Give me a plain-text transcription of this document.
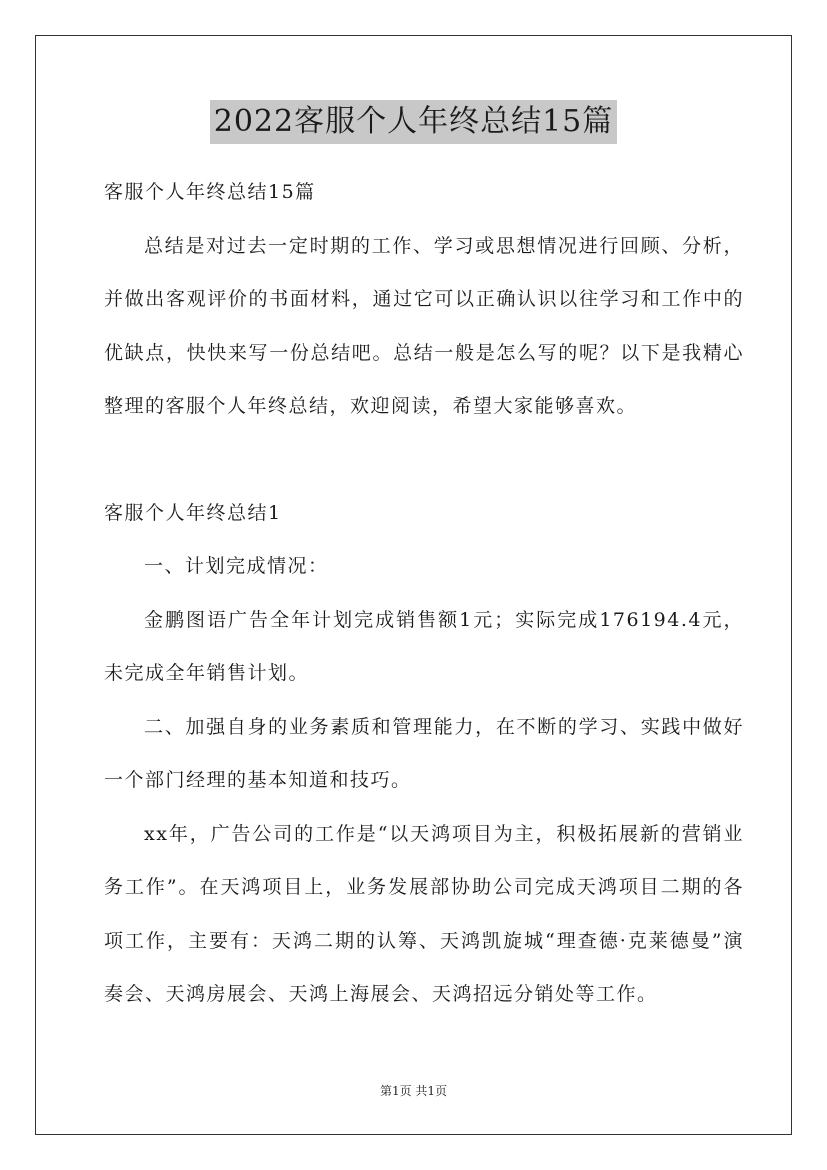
2022客服个人年终总结15篇

客服个人年终总结15篇

总结是对过去一定时期的工作、学习或思想情况进行回顾、分析，并做出客观评价的书面材料，通过它可以正确认识以往学习和工作中的优缺点，快快来写一份总结吧。总结一般是怎么写的呢？以下是我精心整理的客服个人年终总结，欢迎阅读，希望大家能够喜欢。

客服个人年终总结1

一、计划完成情况：

金鹏图语广告全年计划完成销售额1元；实际完成176194.4元，未完成全年销售计划。

二、加强自身的业务素质和管理能力，在不断的学习、实践中做好一个部门经理的基本知道和技巧。

xx年，广告公司的工作是“以天鸿项目为主，积极拓展新的营销业务工作”。在天鸿项目上，业务发展部协助公司完成天鸿项目二期的各项工作，主要有：天鸿二期的认筹、天鸿凯旋城“理查德·克莱德曼”演奏会、天鸿房展会、天鸿上海展会、天鸿招远分销处等工作。

第1页 共1页
